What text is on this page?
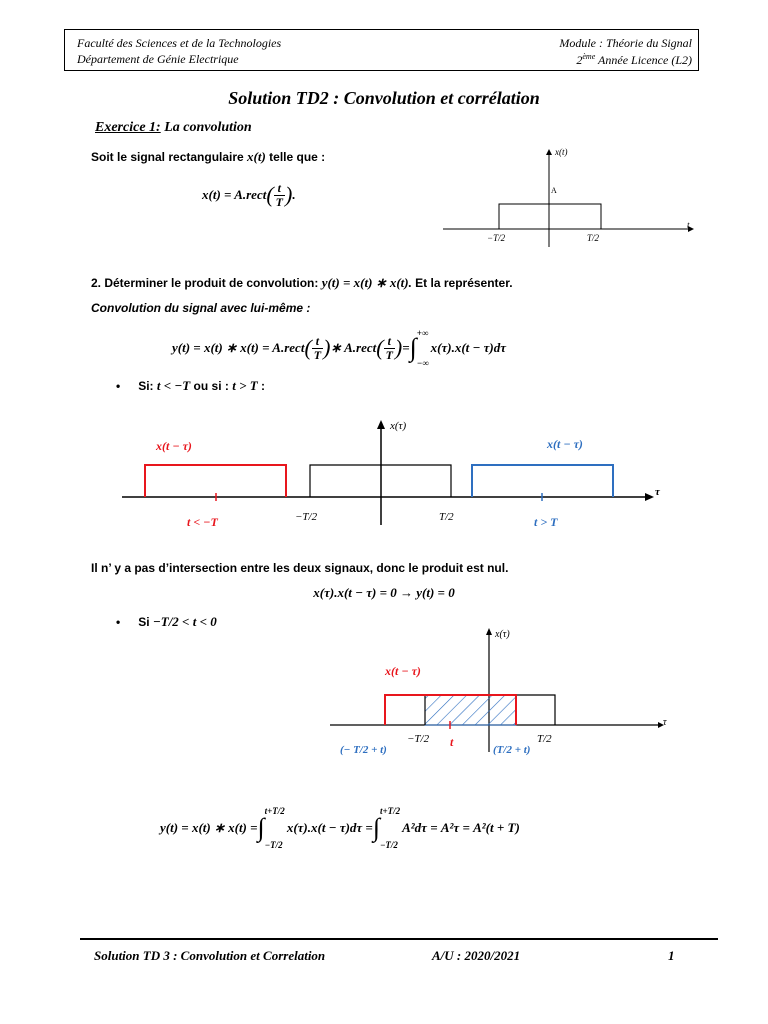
Faculté des Sciences et de la Technologies
Département de Génie Electrique
Module : Théorie du Signal
2ème Année Licence (L2)
Solution TD2 : Convolution et corrélation
Exercice 1: La convolution
Soit le signal rectangulaire x(t) telle que :
x(t) = A.rect ( t
T ) .
x(t)
t
A
−T/2	T/2
2. Déterminer le produit de convolution: y(t) = x(t) ∗ x(t). Et la représenter.
Convolution du signal avec lui-même :
y(t) = x(t) ∗ x(t) = A.rect ( t
T ) ∗ A.rect ( t
T ) = ∫ +∞
−∞
x(τ).x(t − τ)dτ
• Si: t < −T ou si : t > T :
x(τ)
τ
x(t − τ)	x(t − τ)
−T/2	T/2
t < −T	t > T
Il n’ y a pas d’intersection entre les deux signaux, donc le produit est nul.
x(τ).x(t − τ) = 0 → y(t) = 0
• Si −T/2 < t < 0
x(τ)
τ
x(t − τ)
−T/2 t	T/2
(− T/2 + t)	(T/2 + t)
y(t) = x(t) ∗ x(t) = ∫
t+T/2
−T/2
x(τ).x(t − τ)dτ = ∫
t+T/2
−T/2
A²dτ = A²τ = A²(t + T)
Solution TD 3 : Convolution et Correlation	A/U : 2020/2021	1
